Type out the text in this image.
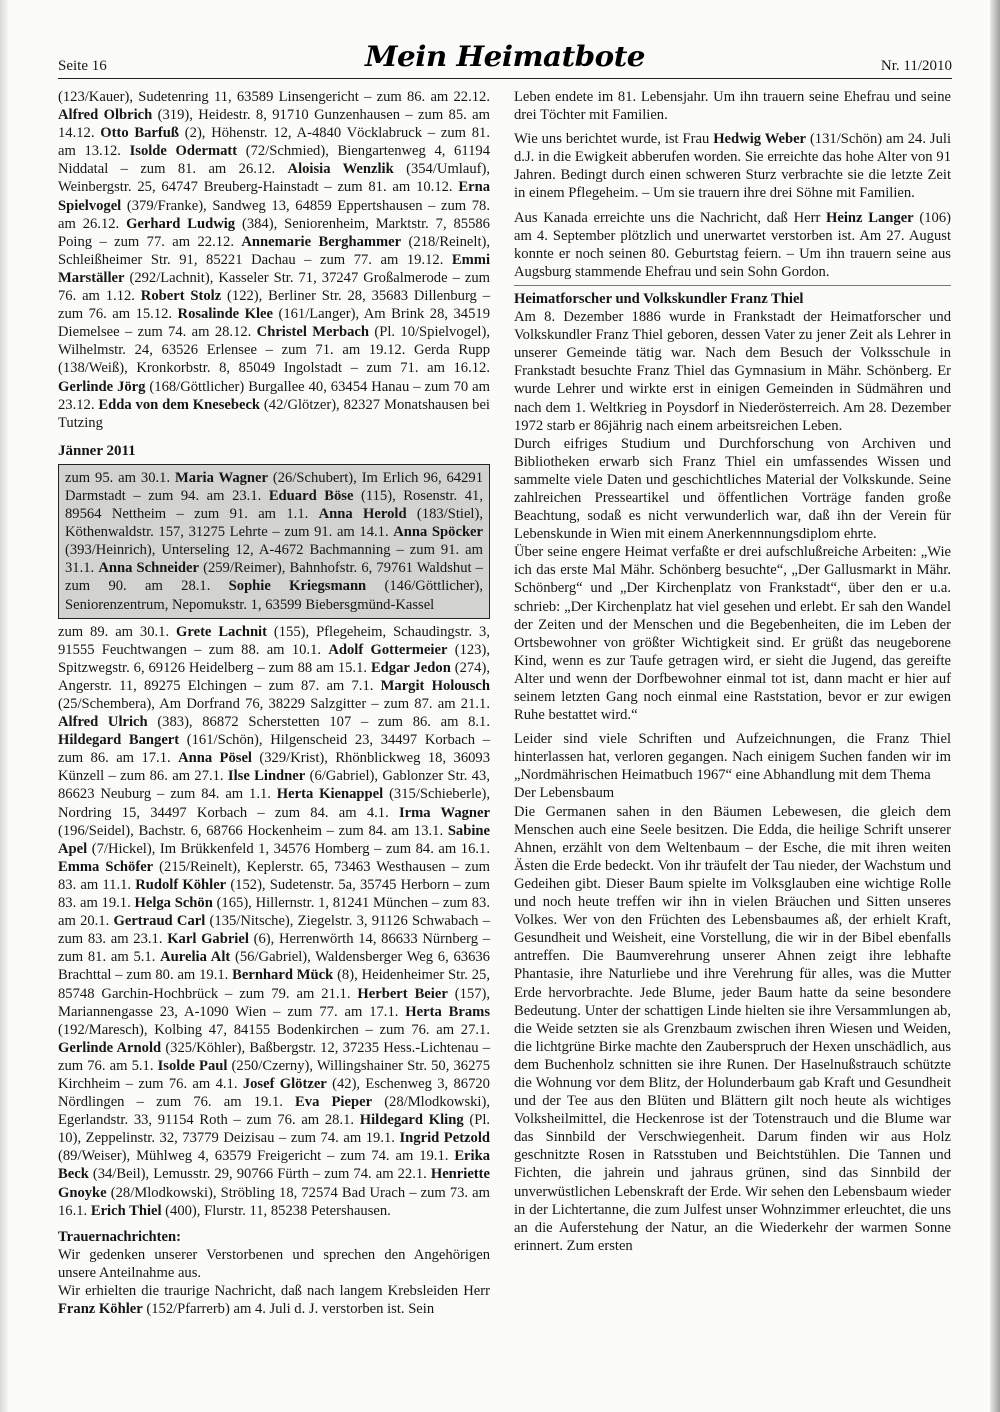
Seite 16	Mein Heimatbote	Nr. 11/2010

(123/Kauer), Sudetenring 11, 63589 Linsengericht – zum 86. am 22.12. Alfred Olbrich (319), Heidestr. 8, 91710 Gunzenhausen – zum 85. am 14.12. Otto Barfuß (2), Höhenstr. 12, A-4840 Vöcklabruck – zum 81. am 13.12. Isolde Odermatt (72/Schmied), Biengartenweg 4, 61194 Niddatal – zum 81. am 26.12. Aloisia Wenzlik (354/Umlauf), Weinbergstr. 25, 64747 Breuberg-Hainstadt – zum 81. am 10.12. Erna Spielvogel (379/Franke), Sandweg 13, 64859 Eppertshausen – zum 78. am 26.12. Gerhard Ludwig (384), Seniorenheim, Marktstr. 7, 85586 Poing – zum 77. am 22.12. Annemarie Berghammer (218/Reinelt), Schleißheimer Str. 91, 85221 Dachau – zum 77. am 19.12. Emmi Marställer (292/Lachnit), Kasseler Str. 71, 37247 Großalmerode – zum 76. am 1.12. Robert Stolz (122), Berliner Str. 28, 35683 Dillenburg – zum 76. am 15.12. Rosalinde Klee (161/Langer), Am Brink 28, 34519 Diemelsee – zum 74. am 28.12. Christel Merbach (Pl. 10/Spielvogel), Wilhelmstr. 24, 63526 Erlensee – zum 71. am 19.12. Gerda Rupp (138/Weiß), Kronkorbstr. 8, 85049 Ingolstadt – zum 71. am 16.12. Gerlinde Jörg (168/Göttlicher) Burgallee 40, 63454 Hanau – zum 70 am 23.12. Edda von dem Knesebeck (42/Glötzer), 82327 Monatshausen bei Tutzing

Jänner 2011

zum 95. am 30.1. Maria Wagner (26/Schubert), Im Erlich 96, 64291 Darmstadt – zum 94. am 23.1. Eduard Böse (115), Rosenstr. 41, 89564 Nettheim – zum 91. am 1.1. Anna Herold (183/Stiel), Köthenwaldstr. 157, 31275 Lehrte – zum 91. am 14.1. Anna Spöcker (393/Heinrich), Unterseling 12, A-4672 Bachmanning – zum 91. am 31.1. Anna Schneider (259/Reimer), Bahnhofstr. 6, 79761 Waldshut – zum 90. am 28.1. Sophie Kriegsmann (146/Göttlicher), Seniorenzentrum, Nepomukstr. 1, 63599 Biebersgmünd-Kassel

zum 89. am 30.1. Grete Lachnit (155), Pflegeheim, Schaudingstr. 3, 91555 Feuchtwangen – zum 88. am 10.1. Adolf Gottermeier (123), Spitzwegstr. 6, 69126 Heidelberg – zum 88 am 15.1. Edgar Jedon (274), Angerstr. 11, 89275 Elchingen – zum 87. am 7.1. Margit Holousch (25/Schembera), Am Dorfrand 76, 38229 Salzgitter – zum 87. am 21.1. Alfred Ulrich (383), 86872 Scherstetten 107 – zum 86. am 8.1. Hildegard Bangert (161/Schön), Hilgenscheid 23, 34497 Korbach – zum 86. am 17.1. Anna Pösel (329/Krist), Rhönblickweg 18, 36093 Künzell – zum 86. am 27.1. Ilse Lindner (6/Gabriel), Gablonzer Str. 43, 86623 Neuburg – zum 84. am 1.1. Herta Kienappel (315/Schieberle), Nordring 15, 34497 Korbach – zum 84. am 4.1. Irma Wagner (196/Seidel), Bachstr. 6, 68766 Hockenheim – zum 84. am 13.1. Sabine Apel (7/Hickel), Im Brükkenfeld 1, 34576 Homberg – zum 84. am 16.1. Emma Schöfer (215/Reinelt), Keplerstr. 65, 73463 Westhausen – zum 83. am 11.1. Rudolf Köhler (152), Sudetenstr. 5a, 35745 Herborn – zum 83. am 19.1. Helga Schön (165), Hillernstr. 1, 81241 München – zum 83. am 20.1. Gertraud Carl (135/Nitsche), Ziegelstr. 3, 91126 Schwabach – zum 83. am 23.1. Karl Gabriel (6), Herrenwörth 14, 86633 Nürnberg – zum 81. am 5.1. Aurelia Alt (56/Gabriel), Waldensberger Weg 6, 63636 Brachttal – zum 80. am 19.1. Bernhard Mück (8), Heidenheimer Str. 25, 85748 Garchin-Hochbrück – zum 79. am 21.1. Herbert Beier (157), Mariannengasse 23, A-1090 Wien – zum 77. am 17.1. Herta Brams (192/Maresch), Kolbing 47, 84155 Bodenkirchen – zum 76. am 27.1. Gerlinde Arnold (325/Köhler), Baßbergstr. 12, 37235 Hess.-Lichtenau – zum 76. am 5.1. Isolde Paul (250/Czerny), Willingshainer Str. 50, 36275 Kirchheim – zum 76. am 4.1. Josef Glötzer (42), Eschenweg 3, 86720 Nördlingen – zum 76. am 19.1. Eva Pieper (28/Mlodkowski), Egerlandstr. 33, 91154 Roth – zum 76. am 28.1. Hildegard Kling (Pl. 10), Zeppelinstr. 32, 73779 Deizisau – zum 74. am 19.1. Ingrid Petzold (89/Weiser), Mühlweg 4, 63579 Freigericht – zum 74. am 19.1. Erika Beck (34/Beil), Lemusstr. 29, 90766 Fürth – zum 74. am 22.1. Henriette Gnoyke (28/Mlodkowski), Ströbling 18, 72574 Bad Urach – zum 73. am 16.1. Erich Thiel (400), Flurstr. 11, 85238 Petershausen.

Trauernachrichten:

Wir gedenken unserer Verstorbenen und sprechen den Angehörigen unsere Anteilnahme aus.

Wir erhielten die traurige Nachricht, daß nach langem Krebsleiden Herr Franz Köhler (152/Pfarrerb) am 4. Juli d. J. verstorben ist. Sein

Leben endete im 81. Lebensjahr. Um ihn trauern seine Ehefrau und seine drei Töchter mit Familien.

Wie uns berichtet wurde, ist Frau Hedwig Weber (131/Schön) am 24. Juli d.J. in die Ewigkeit abberufen worden. Sie erreichte das hohe Alter von 91 Jahren. Bedingt durch einen schweren Sturz verbrachte sie die letzte Zeit in einem Pflegeheim. – Um sie trauern ihre drei Söhne mit Familien.

Aus Kanada erreichte uns die Nachricht, daß Herr Heinz Langer (106) am 4. September plötzlich und unerwartet verstorben ist. Am 27. August konnte er noch seinen 80. Geburtstag feiern. – Um ihn trauern seine aus Augsburg stammende Ehefrau und sein Sohn Gordon.

Heimatforscher und Volkskundler Franz Thiel

Am 8. Dezember 1886 wurde in Frankstadt der Heimatforscher und Volkskundler Franz Thiel geboren, dessen Vater zu jener Zeit als Lehrer in unserer Gemeinde tätig war. Nach dem Besuch der Volksschule in Frankstadt besuchte Franz Thiel das Gymnasium in Mähr. Schönberg. Er wurde Lehrer und wirkte erst in einigen Gemeinden in Südmähren und nach dem 1. Weltkrieg in Poysdorf in Niederösterreich. Am 28. Dezember 1972 starb er 86jährig nach einem arbeitsreichen Leben.

Durch eifriges Studium und Durchforschung von Archiven und Bibliotheken erwarb sich Franz Thiel ein umfassendes Wissen und sammelte viele Daten und geschichtliches Material der Volkskunde. Seine zahlreichen Presseartikel und öffentlichen Vorträge fanden große Beachtung, sodaß es nicht verwunderlich war, daß ihn der Verein für Lebenskunde in Wien mit einem Anerkennnungsdiplom ehrte.

Über seine engere Heimat verfaßte er drei aufschlußreiche Arbeiten: „Wie ich das erste Mal Mähr. Schönberg besuchte“, „Der Gallusmarkt in Mähr. Schönberg“ und „Der Kirchenplatz von Frankstadt“, über den er u.a. schrieb: „Der Kirchenplatz hat viel gesehen und erlebt. Er sah den Wandel der Zeiten und der Menschen und die Begebenheiten, die im Leben der Ortsbewohner von größter Wichtigkeit sind. Er grüßt das neugeborene Kind, wenn es zur Taufe getragen wird, er sieht die Jugend, das gereifte Alter und wenn der Dorfbewohner einmal tot ist, dann macht er hier auf seinem letzten Gang noch einmal eine Raststation, bevor er zur ewigen Ruhe bestattet wird.“

Leider sind viele Schriften und Aufzeichnungen, die Franz Thiel hinterlassen hat, verloren gegangen. Nach einigem Suchen fanden wir im „Nordmährischen Heimatbuch 1967“ eine Abhandlung mit dem Thema

Der Lebensbaum

Die Germanen sahen in den Bäumen Lebewesen, die gleich dem Menschen auch eine Seele besitzen. Die Edda, die heilige Schrift unserer Ahnen, erzählt von dem Weltenbaum – der Esche, die mit ihren weiten Ästen die Erde bedeckt. Von ihr träufelt der Tau nieder, der Wachstum und Gedeihen gibt. Dieser Baum spielte im Volksglauben eine wichtige Rolle und noch heute treffen wir ihn in vielen Bräuchen und Sitten unseres Volkes. Wer von den Früchten des Lebensbaumes aß, der erhielt Kraft, Gesundheit und Weisheit, eine Vorstellung, die wir in der Bibel ebenfalls antreffen. Die Baumverehrung unserer Ahnen zeigt ihre lebhafte Phantasie, ihre Naturliebe und ihre Verehrung für alles, was die Mutter Erde hervorbrachte. Jede Blume, jeder Baum hatte da seine besondere Bedeutung. Unter der schattigen Linde hielten sie ihre Versammlungen ab, die Weide setzten sie als Grenzbaum zwischen ihren Wiesen und Weiden, die lichtgrüne Birke machte den Zauberspruch der Hexen unschädlich, aus dem Buchenholz schnitten sie ihre Runen. Der Haselnußstrauch schützte die Wohnung vor dem Blitz, der Holunderbaum gab Kraft und Gesundheit und der Tee aus den Blüten und Blättern gilt noch heute als wichtiges Volksheilmittel, die Heckenrose ist der Totenstrauch und die Blume war das Sinnbild der Verschwiegenheit. Darum finden wir aus Holz geschnitzte Rosen in Ratsstuben und Beichtstühlen. Die Tannen und Fichten, die jahrein und jahraus grünen, sind das Sinnbild der unverwüstlichen Lebenskraft der Erde. Wir sehen den Lebensbaum wieder in der Lichtertanne, die zum Julfest unser Wohnzimmer erleuchtet, die uns an die Auferstehung der Natur, an die Wiederkehr der warmen Sonne erinnert. Zum ersten
